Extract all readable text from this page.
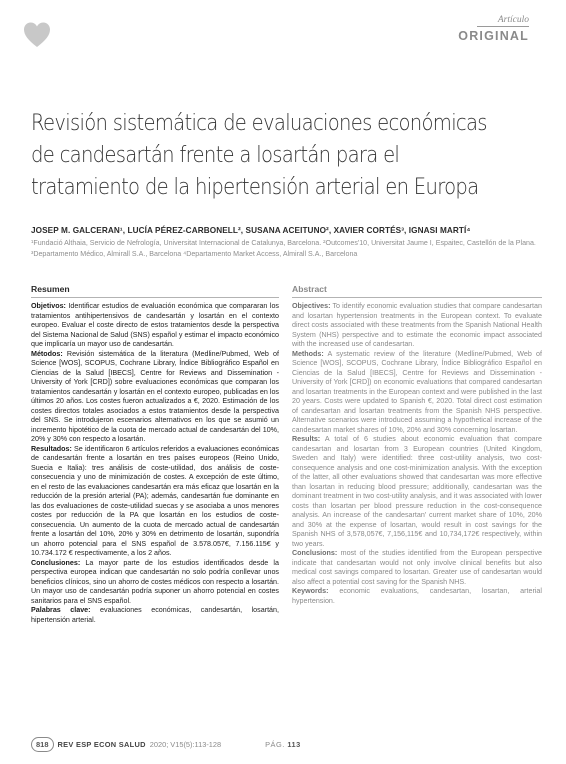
Artículo
ORIGINAL
Revisión sistemática de evaluaciones económicas
de candesartán frente a losartán para el
tratamiento de la hipertensión arterial en Europa
JOSEP M. GALCERAN¹, LUCÍA PÉREZ-CARBONELL², SUSANA ACEITUNO², XAVIER CORTÉS³, IGNASI MARTÍ⁴
¹Fundació Althaia, Servicio de Nefrología, Universitat Internacional de Catalunya, Barcelona. ²Outcomes'10, Universitat Jaume I, Espaitec, Castellón de la Plana. ³Departamento Médico, Almirall S.A., Barcelona ⁴Departamento Market Access, Almirall S.A., Barcelona
Resumen

Objetivos: Identificar estudios de evaluación económica que compararan los tratamientos antihipertensivos de candesartán y losartán en el contexto europeo. Evaluar el coste directo de estos tratamientos desde la perspectiva del Sistema Nacional de Salud (SNS) español y estimar el impacto económico que implicaría un mayor uso de candesartán.

Métodos: Revisión sistemática de la literatura (Medline/Pubmed, Web of Science [WOS], SCOPUS, Cochrane Library, Índice Bibliográfico Español en Ciencias de la Salud [IBECS], Centre for Reviews and Dissemination - University of York [CRD]) sobre evaluaciones económicas que comparan los tratamientos candesartán y losartán en el contexto europeo, publicadas en los últimos 20 años. Los costes fueron actualizados a €, 2020. Estimación de los costes directos totales asociados a estos tratamientos desde la perspectiva del SNS. Se introdujeron escenarios alternativos en los que se asumió un incremento hipotético de la cuota de mercado actual de candesartán del 10%, 20% y 30% con respecto a losartán.

Resultados: Se identificaron 6 artículos referidos a evaluaciones económicas de candesartán frente a losartán en tres países europeos (Reino Unido, Suecia e Italia): tres análisis de coste-utilidad, dos análisis de coste-consecuencia y uno de minimización de costes. A excepción de este último, en el resto de las evaluaciones candesartán era más eficaz que losartán en la reducción de la presión arterial (PA); además, candesartán fue dominante en las dos evaluaciones de coste-utilidad suecas y se asociaba a unos menores costes por reducción de la PA que losartán en los estudios de coste-consecuencia. Un aumento de la cuota de mercado actual de candesartán frente a losartán del 10%, 20% y 30% en detrimento de losartán, supondría un ahorro potencial para el SNS español de 3.578.057€, 7.156.115€ y 10.734.172 € respectivamente, a los 2 años.

Conclusiones: La mayor parte de los estudios identificados desde la perspectiva europea indican que candesartán no solo podría conllevar unos beneficios clínicos, sino un ahorro de costes médicos con respecto a losartán. Un mayor uso de candesartán podría suponer un ahorro potencial en costes sanitarios para el SNS español.

Palabras clave: evaluaciones económicas, candesartán, losartán, hipertensión arterial.

Abstract

Objectives: To identify economic evaluation studies that compare candesartan and losartan hypertension treatments in the European context. To evaluate direct costs associated with these treatments from the Spanish National Health System (NHS) perspective and to estimate the economic impact associated with the increased use of candesartan.

Methods: A systematic review of the literature (Medline/Pubmed, Web of Science [WOS], SCOPUS, Cochrane Library, Índice Bibliográfico Español en Ciencias de la Salud [IBECS], Centre for Reviews and Dissemination - University of York [CRD]) on economic evaluations that compared candesartan and losartan treatments in the European context and were published in the last 20 years. Costs were updated to Spanish €, 2020. Total direct cost estimation of candesartan and losartan treatments from the Spanish NHS perspective. Alternative scenarios were introduced assuming a hypothetical increase of the candesartan market shares of 10%, 20% and 30% concerning losartan.

Results: A total of 6 studies about economic evaluation that compare candesartan and losartan from 3 European countries (United Kingdom, Sweden and Italy) were identified: three cost-utility analysis, two cost-consequence analysis and one cost-minimization analysis. With the exception of the latter, all other evaluations showed that candesartan was more effective than losartan in reducing blood pressure; additionally, candesartan was the dominant treatment in two cost-utility analysis, and it was associated with lower costs than losartan per blood pressure reduction in the cost-consequence analysis. An increase of the candesartan' current market share of 10%, 20% and 30% at the expense of losartan, would result in cost savings for the Spanish NHS of 3,578,057€, 7,156,115€ and 10,734,172€ respectively, within two years.

Conclusions: most of the studies identified from the European perspective indicate that candesartan would not only involve clinical benefits but also medical cost savings compared to losartan. Greater use of candesartan would also affect a potential cost saving for the Spanish NHS.

Keywords: economic evaluations, candesartan, losartan, arterial hypertension.

818	REV ESP ECON SALUD 2020; V15(5):113-128	PÁG. 113
